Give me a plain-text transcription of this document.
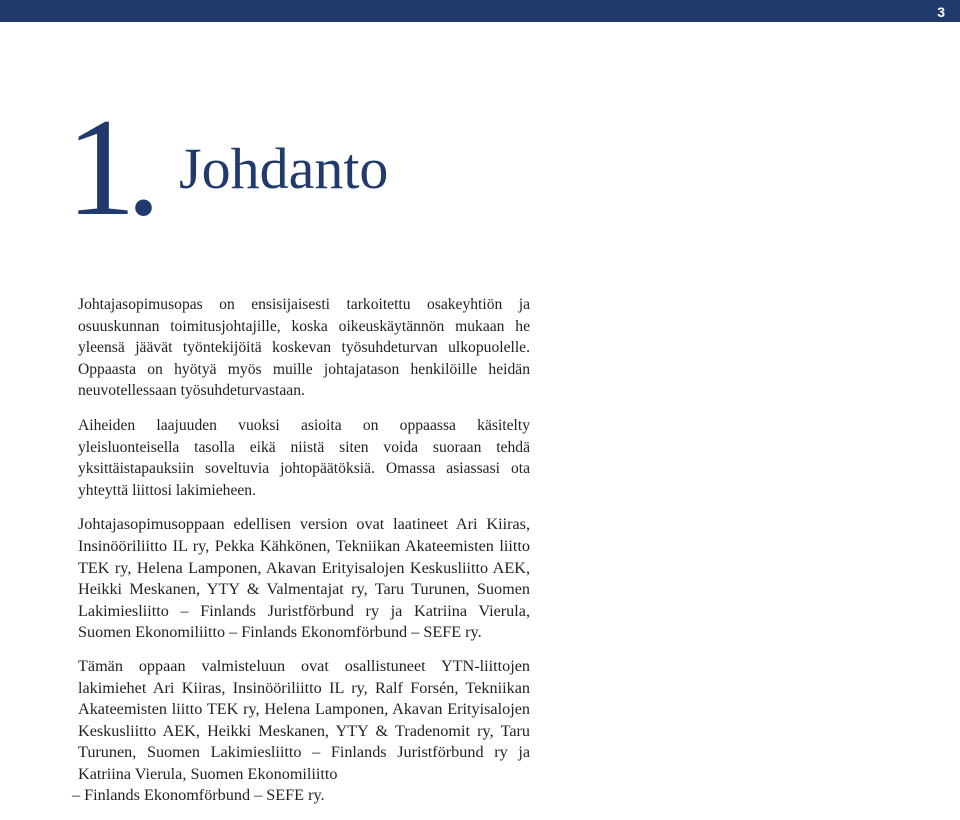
3
1. Johdanto

Johtajasopimusopas on ensisijaisesti tarkoitettu osakeyhtiön ja osuuskunnan toimitusjohtajille, koska oikeuskäytännön mukaan he yleensä jäävät työntekijöitä koskevan työsuhdeturvan ulkopuolelle. Oppaasta on hyötyä myös muille johtajatason henkilöille heidän neuvotellessaan työsuhdeturvastaan.

Aiheiden laajuuden vuoksi asioita on oppaassa käsitelty yleisluonteisella tasolla eikä niistä siten voida suoraan tehdä yksittäistapauksiin soveltuvia johtopäätöksiä. Omassa asiassasi ota yhteyttä liittosi lakimieheen.

Johtajasopimusoppaan edellisen version ovat laatineet Ari Kiiras, Insinööriliitto IL ry, Pekka Kähkönen, Tekniikan Akateemisten liitto TEK ry, Helena Lamponen, Akavan Erityisalojen Keskusliitto AEK, Heikki Meskanen, YTY & Valmentajat ry, Taru Turunen, Suomen Lakimiesliitto – Finlands Juristförbund ry ja Katriina Vierula, Suomen Ekonomiliitto – Finlands Ekonomförbund – SEFE ry.

Tämän oppaan valmisteluun ovat osallistuneet YTN-liittojen lakimiehet Ari Kiiras, Insinööriliitto IL ry, Ralf Forsén, Tekniikan Akateemisten liitto TEK ry, Helena Lamponen, Akavan Erityisalojen Keskusliitto AEK, Heikki Meskanen, YTY & Tradenomit ry, Taru Turunen, Suomen Lakimiesliitto – Finlands Juristförbund ry ja Katriina Vierula, Suomen Ekonomiliitto
– Finlands Ekonomförbund – SEFE ry.
